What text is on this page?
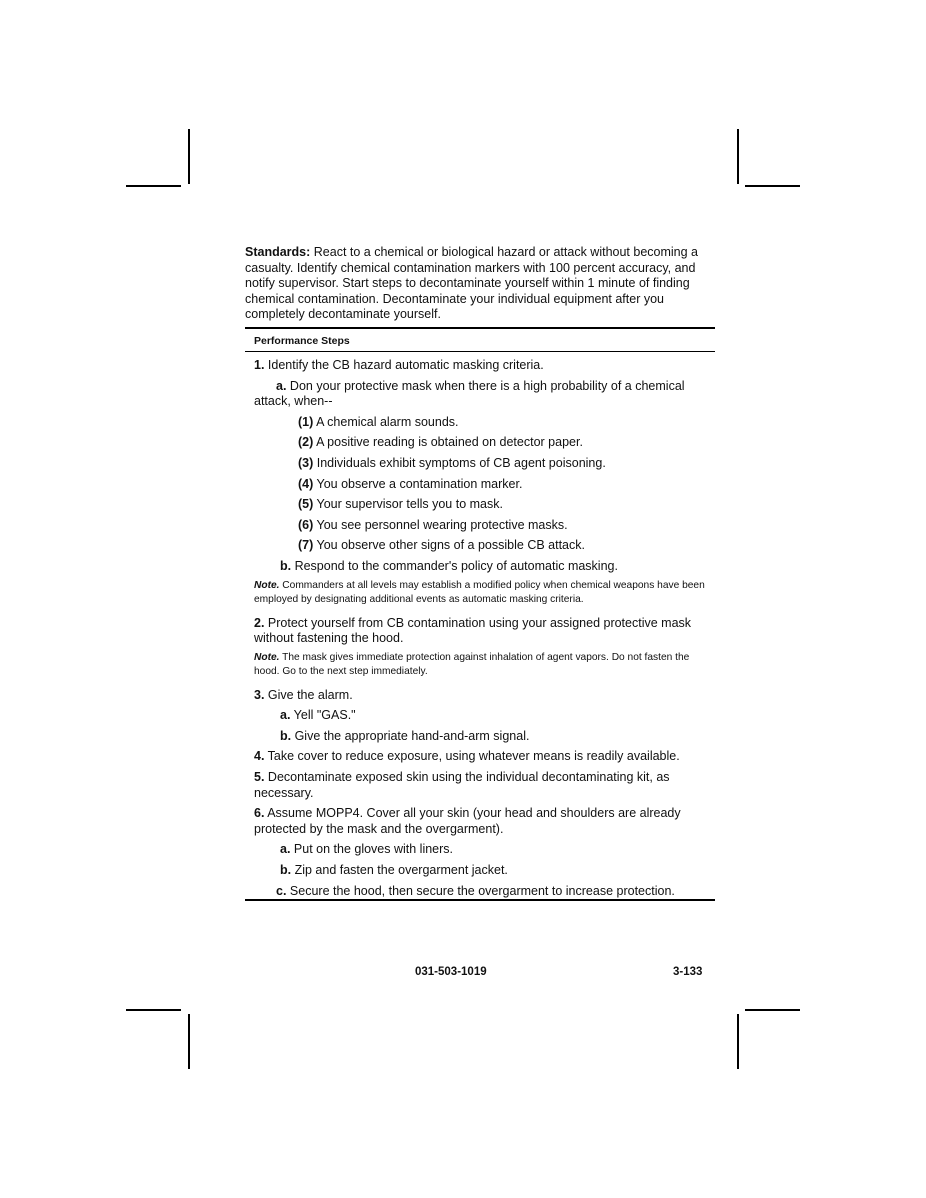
Standards: React to a chemical or biological hazard or attack without becoming a casualty. Identify chemical contamination markers with 100 percent accuracy, and notify supervisor. Start steps to decontaminate yourself within 1 minute of finding chemical contamination. Decontaminate your individual equipment after you completely decontaminate yourself.

Performance Steps
1. Identify the CB hazard automatic masking criteria.
a. Don your protective mask when there is a high probability of a chemical attack, when--
(1) A chemical alarm sounds.
(2) A positive reading is obtained on detector paper.
(3) Individuals exhibit symptoms of CB agent poisoning.
(4) You observe a contamination marker.
(5) Your supervisor tells you to mask.
(6) You see personnel wearing protective masks.
(7) You observe other signs of a possible CB attack.
b. Respond to the commander's policy of automatic masking.
Note. Commanders at all levels may establish a modified policy when chemical weapons have been employed by designating additional events as automatic masking criteria.
2. Protect yourself from CB contamination using your assigned protective mask without fastening the hood.
Note. The mask gives immediate protection against inhalation of agent vapors. Do not fasten the hood. Go to the next step immediately.
3. Give the alarm.
a. Yell "GAS."
b. Give the appropriate hand-and-arm signal.
4. Take cover to reduce exposure, using whatever means is readily available.
5. Decontaminate exposed skin using the individual decontaminating kit, as necessary.
6. Assume MOPP4. Cover all your skin (your head and shoulders are already protected by the mask and the overgarment).
a. Put on the gloves with liners.
b. Zip and fasten the overgarment jacket.
c. Secure the hood, then secure the overgarment to increase protection.
031-503-1019	3-133
